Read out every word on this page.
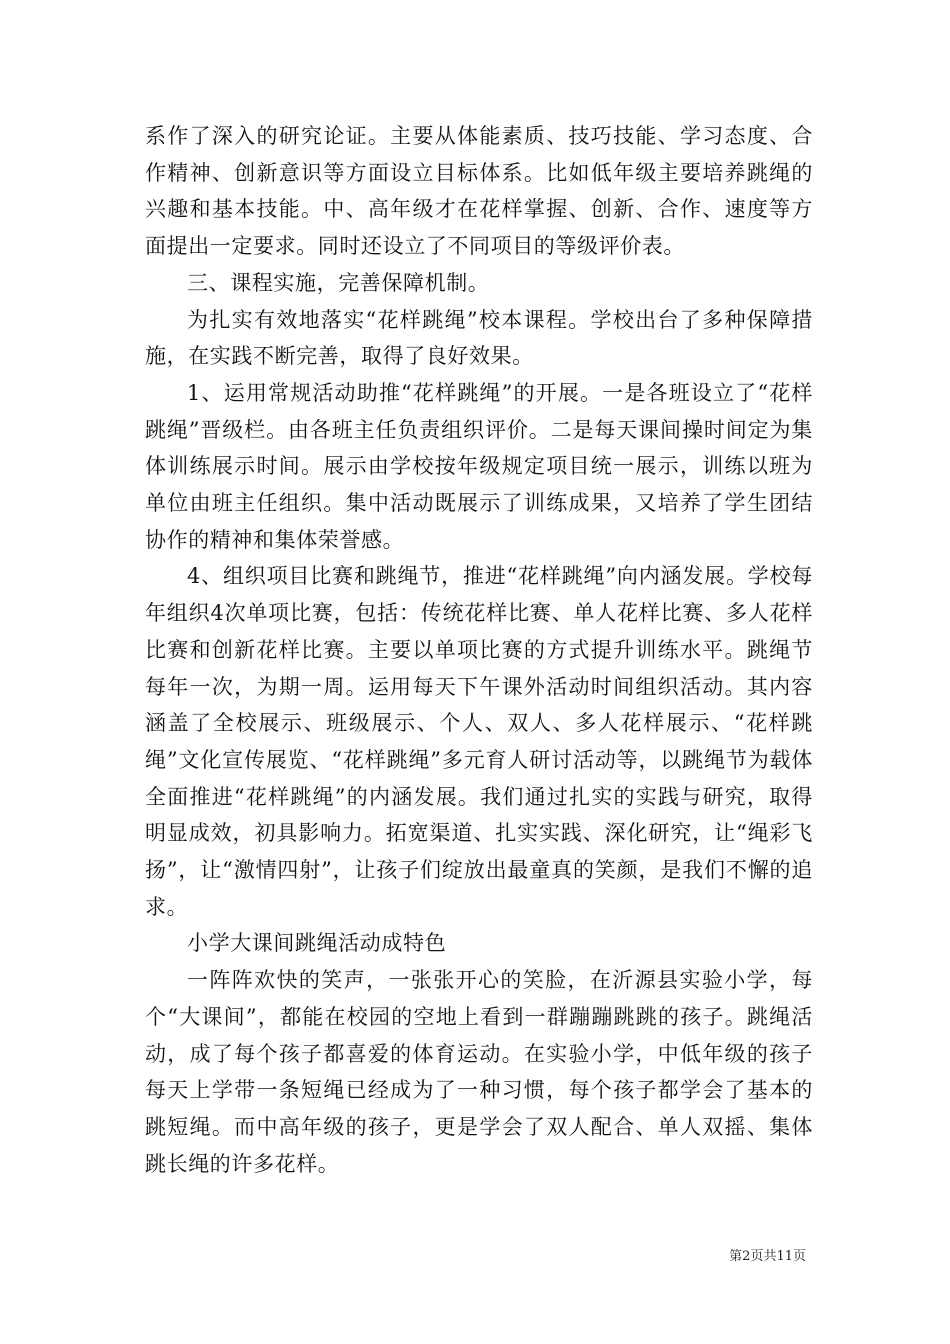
系作了深入的研究论证。主要从体能素质、技巧技能、学习态度、合作精神、创新意识等方面设立目标体系。比如低年级主要培养跳绳的兴趣和基本技能。中、高年级才在花样掌握、创新、合作、速度等方面提出一定要求。同时还设立了不同项目的等级评价表。

三、课程实施，完善保障机制。

为扎实有效地落实“花样跳绳”校本课程。学校出台了多种保障措施，在实践不断完善，取得了良好效果。

1、运用常规活动助推“花样跳绳”的开展。一是各班设立了“花样跳绳”晋级栏。由各班主任负责组织评价。二是每天课间操时间定为集体训练展示时间。展示由学校按年级规定项目统一展示，训练以班为单位由班主任组织。集中活动既展示了训练成果，又培养了学生团结协作的精神和集体荣誉感。

4、组织项目比赛和跳绳节，推进“花样跳绳”向内涵发展。学校每年组织4次单项比赛，包括：传统花样比赛、单人花样比赛、多人花样比赛和创新花样比赛。主要以单项比赛的方式提升训练水平。跳绳节每年一次，为期一周。运用每天下午课外活动时间组织活动。其内容涵盖了全校展示、班级展示、个人、双人、多人花样展示、“花样跳绳”文化宣传展览、“花样跳绳”多元育人研讨活动等，以跳绳节为载体全面推进“花样跳绳”的内涵发展。我们通过扎实的实践与研究，取得明显成效，初具影响力。拓宽渠道、扎实实践、深化研究，让“绳彩飞扬”，让“激情四射”，让孩子们绽放出最童真的笑颜，是我们不懈的追求。

小学大课间跳绳活动成特色

一阵阵欢快的笑声，一张张开心的笑脸，在沂源县实验小学，每个“大课间”，都能在校园的空地上看到一群蹦蹦跳跳的孩子。跳绳活动，成了每个孩子都喜爱的体育运动。在实验小学，中低年级的孩子每天上学带一条短绳已经成为了一种习惯，每个孩子都学会了基本的跳短绳。而中高年级的孩子，更是学会了双人配合、单人双摇、集体跳长绳的许多花样。

第2页共11页
